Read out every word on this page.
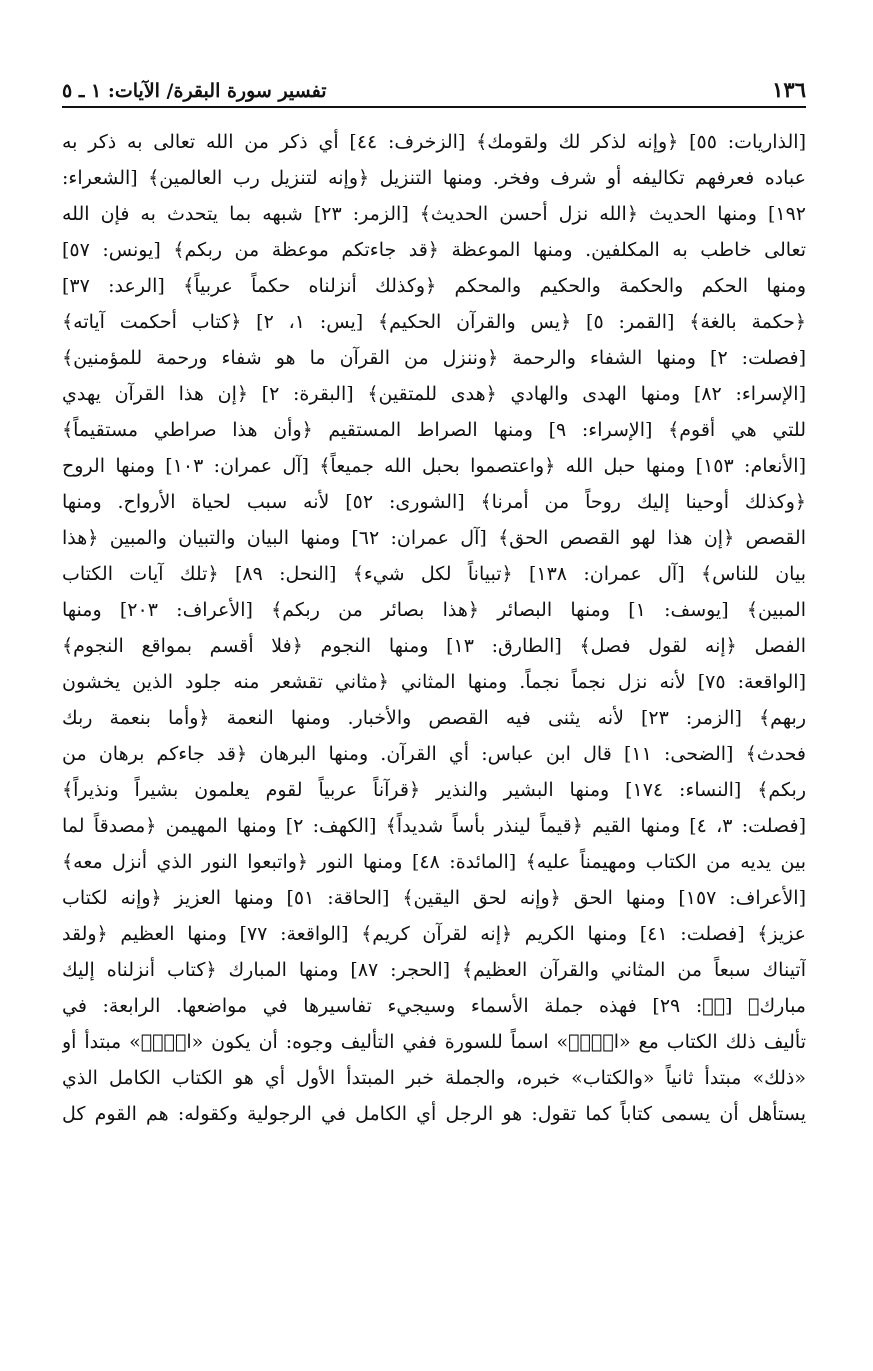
١٣٦
تفسير سورة البقرة/ الآيات: ١ ـ ٥
[الذاريات: ٥٥] ﴿وإنه لذكر لك ولقومك﴾ [الزخرف: ٤٤] أي ذكر من الله تعالى به ذكر به
عباده فعرفهم تكاليفه أو شرف وفخر. ومنها التنزيل ﴿وإنه لتنزيل رب العالمين﴾ [الشعراء:
١٩٢] ومنها الحديث ﴿الله نزل أحسن الحديث﴾ [الزمر: ٢٣] شبهه بما يتحدث به فإن الله
تعالى خاطب به المكلفين. ومنها الموعظة ﴿قد جاءتكم موعظة من ربكم﴾ [يونس: ٥٧]
ومنها الحكم والحكمة والحكيم والمحكم ﴿وكذلك أنزلناه حكماً عربياً﴾ [الرعد: ٣٧]
﴿حكمة بالغة﴾ [القمر: ٥] ﴿يس والقرآن الحكيم﴾ [يس: ١، ٢] ﴿كتاب أحكمت آياته﴾
[فصلت: ٢] ومنها الشفاء والرحمة ﴿وننزل من القرآن ما هو شفاء ورحمة للمؤمنين﴾
[الإسراء: ٨٢] ومنها الهدى والهادي ﴿هدى للمتقين﴾ [البقرة: ٢] ﴿إن هذا القرآن يهدي
للتي هي أقوم﴾ [الإسراء: ٩] ومنها الصراط المستقيم ﴿وأن هذا صراطي مستقيماً﴾
[الأنعام: ١٥٣] ومنها حبل الله ﴿واعتصموا بحبل الله جميعاً﴾ [آل عمران: ١٠٣] ومنها الروح
﴿وكذلك أوحينا إليك روحاً من أمرنا﴾ [الشورى: ٥٢] لأنه سبب لحياة الأرواح. ومنها
القصص ﴿إن هذا لهو القصص الحق﴾ [آل عمران: ٦٢] ومنها البيان والتبيان والمبين ﴿هذا
بيان للناس﴾ [آل عمران: ١٣٨] ﴿تبياناً لكل شيء﴾ [النحل: ٨٩] ﴿تلك آيات الكتاب
المبين﴾ [يوسف: ١] ومنها البصائر ﴿هذا بصائر من ربكم﴾ [الأعراف: ٢٠٣] ومنها
الفصل ﴿إنه لقول فصل﴾ [الطارق: ١٣] ومنها النجوم ﴿فلا أقسم بمواقع النجوم﴾
[الواقعة: ٧٥] لأنه نزل نجماً نجماً. ومنها المثاني ﴿مثاني تقشعر منه جلود الذين يخشون
ربهم﴾ [الزمر: ٢٣] لأنه يثنى فيه القصص والأخبار. ومنها النعمة ﴿وأما بنعمة ربك
فحدث﴾ [الضحى: ١١] قال ابن عباس: أي القرآن. ومنها البرهان ﴿قد جاءكم برهان من
ربكم﴾ [النساء: ١٧٤] ومنها البشير والنذير ﴿قرآناً عربياً لقوم يعلمون بشيراً ونذيراً﴾
[فصلت: ٣، ٤] ومنها القيم ﴿قيماً لينذر بأساً شديداً﴾ [الكهف: ٢] ومنها المهيمن ﴿مصدقاً لما
بين يديه من الكتاب ومهيمناً عليه﴾ [المائدة: ٤٨] ومنها النور ﴿واتبعوا النور الذي أنزل معه﴾
[الأعراف: ١٥٧] ومنها الحق ﴿وإنه لحق اليقين﴾ [الحاقة: ٥١] ومنها العزيز ﴿وإنه لكتاب
عزيز﴾ [فصلت: ٤١] ومنها الكريم ﴿إنه لقرآن كريم﴾ [الواقعة: ٧٧] ومنها العظيم ﴿ولقد
آتيناك سبعاً من المثاني والقرآن العظيم﴾ [الحجر: ٨٧] ومنها المبارك ﴿كتاب أنزلناه إليك
مبارك﴾ [صۤ: ٢٩] فهذه جملة الأسماء وسيجيء تفاسيرها في مواضعها. الرابعة: في
تأليف ذلك الكتاب مع «الۤمۤ» اسماً للسورة ففي التأليف وجوه: أن يكون «الۤمۤ» مبتدأ أو
«ذلك» مبتدأ ثانياً «والكتاب» خبره، والجملة خبر المبتدأ الأول أي هو الكتاب الكامل الذي
يستأهل أن يسمى كتاباً كما تقول: هو الرجل أي الكامل في الرجولية وكقوله: هم القوم كل
